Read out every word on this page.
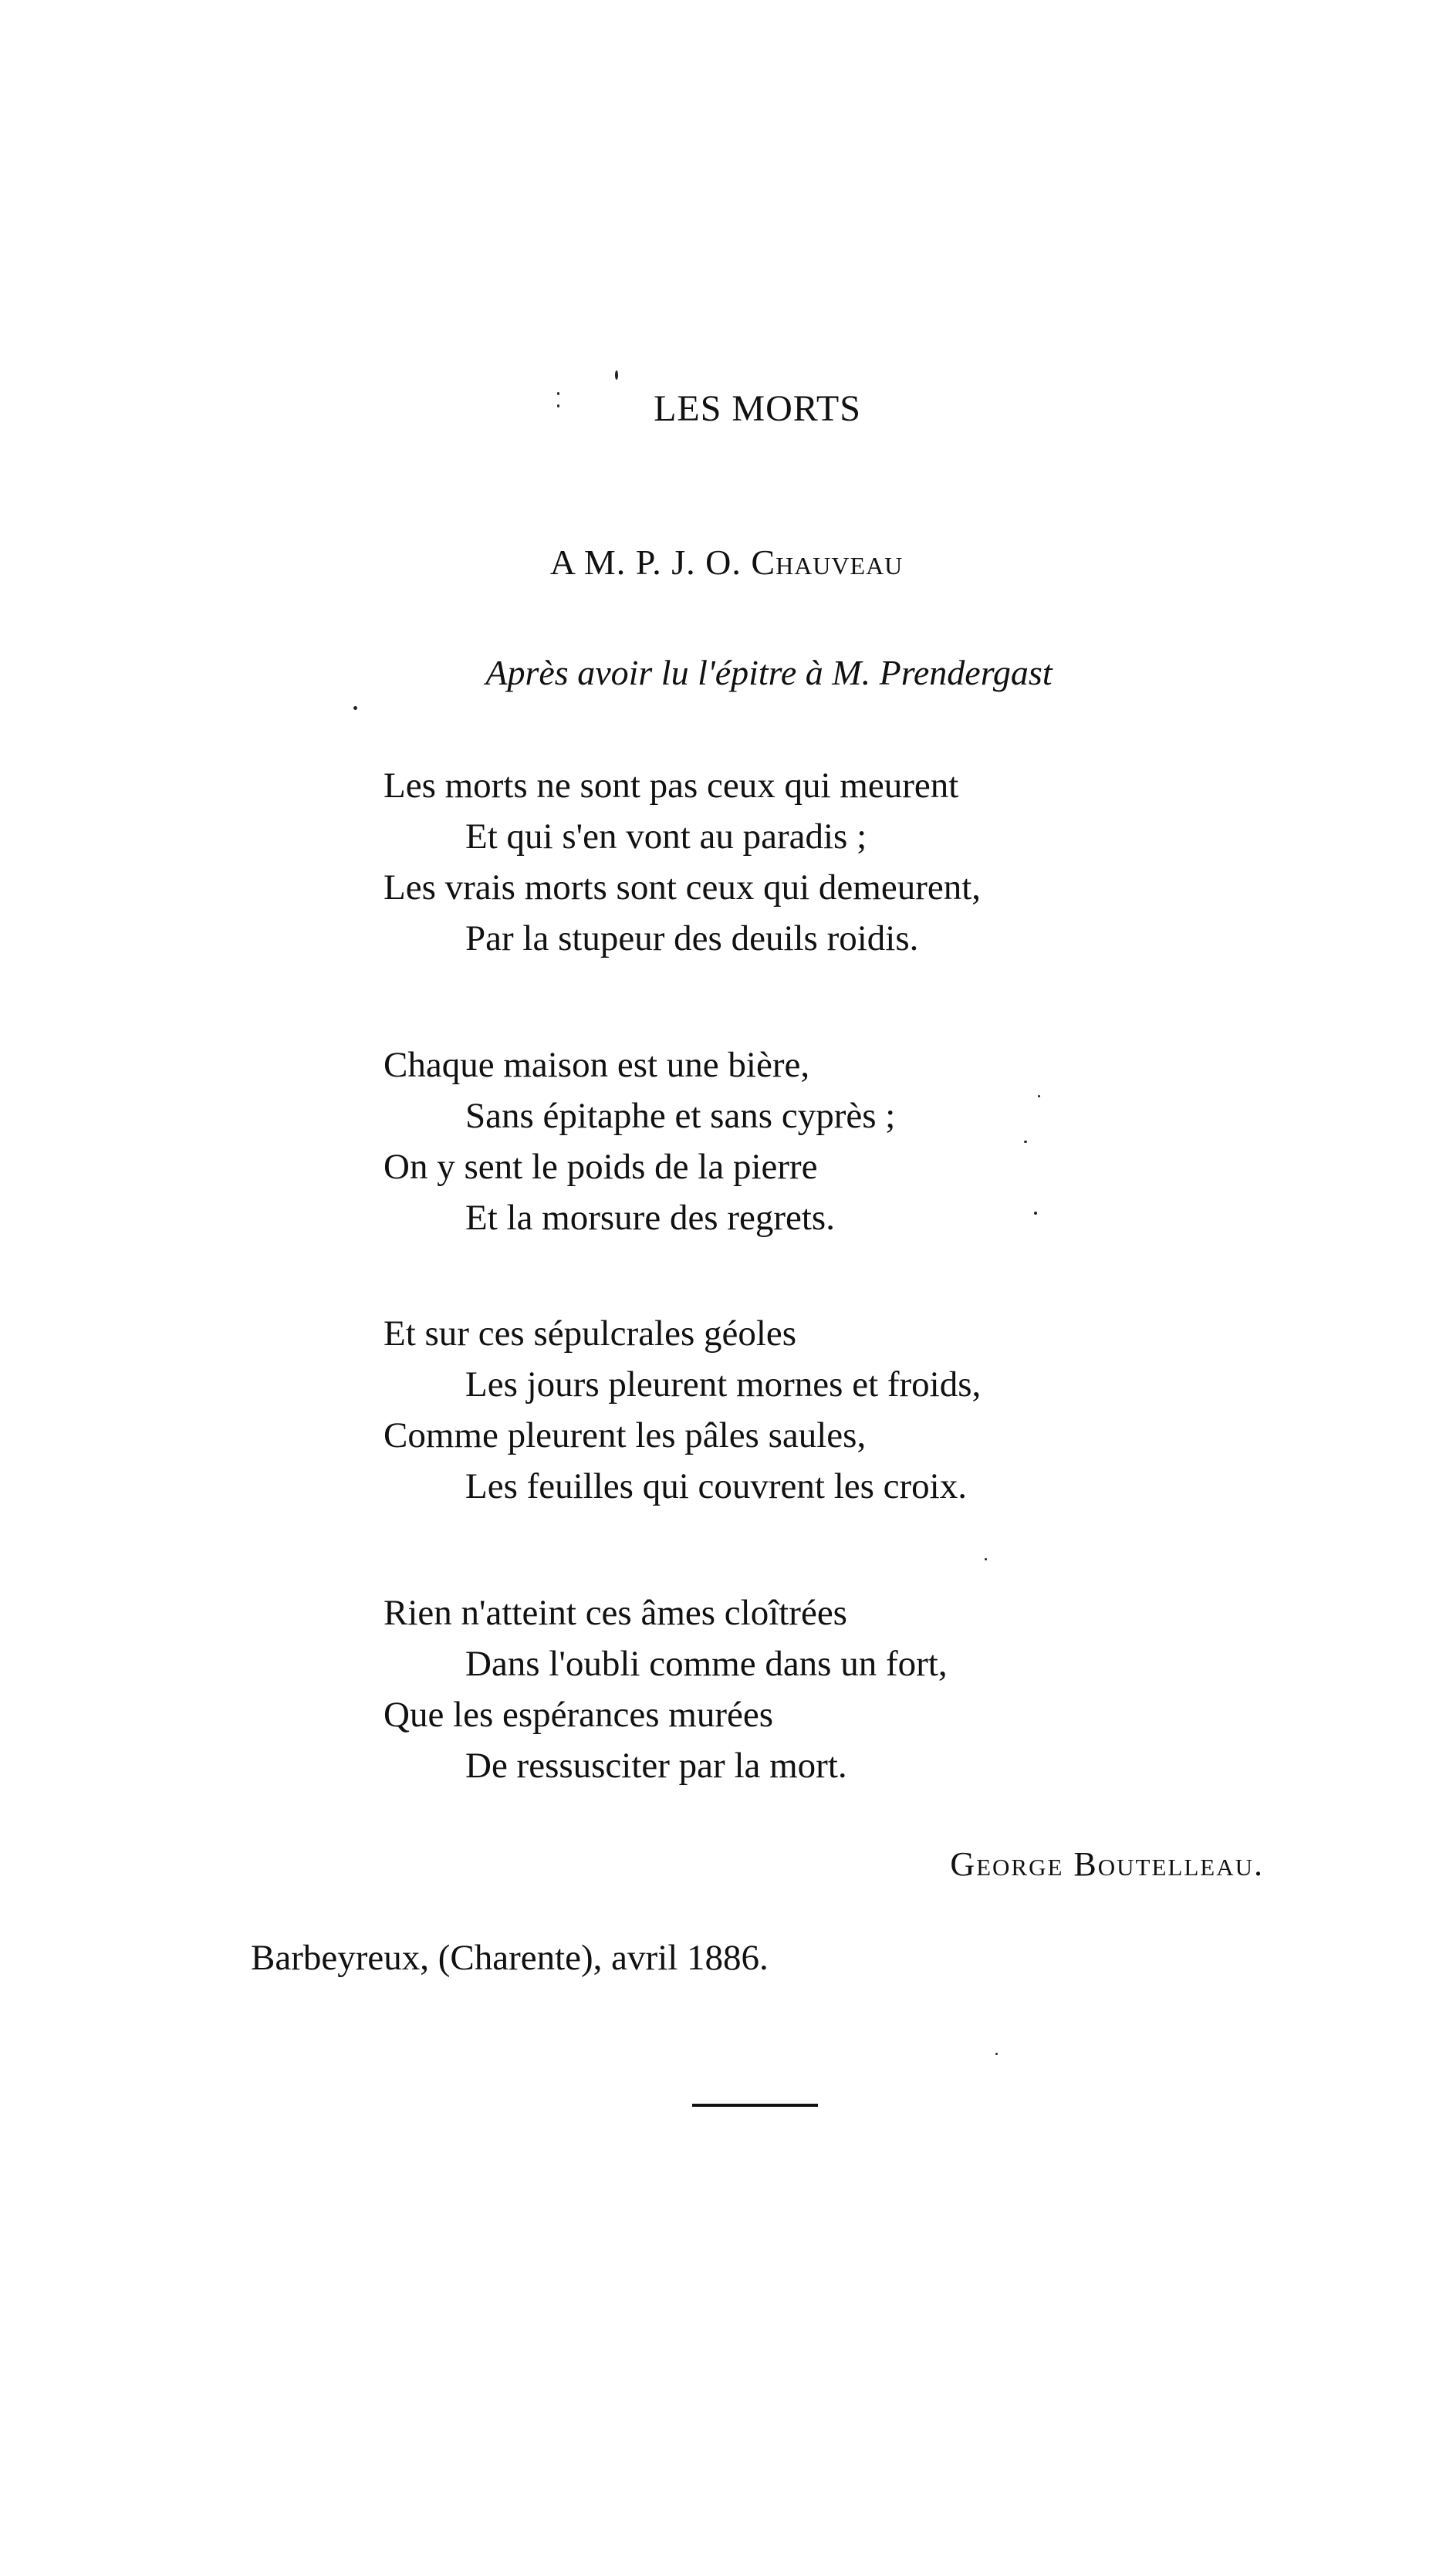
LES MORTS
A M. P. J. O. Chauveau
Après avoir lu l'épitre à M. Prendergast
Les morts ne sont pas ceux qui meurent
Et qui s'en vont au paradis ;
Les vrais morts sont ceux qui demeurent,
Par la stupeur des deuils roidis.
Chaque maison est une bière,
Sans épitaphe et sans cyprès ;
On y sent le poids de la pierre
Et la morsure des regrets.
Et sur ces sépulcrales géoles
Les jours pleurent mornes et froids,
Comme pleurent les pâles saules,
Les feuilles qui couvrent les croix.
Rien n'atteint ces âmes cloîtrées
Dans l'oubli comme dans un fort,
Que les espérances murées
De ressusciter par la mort.
George Boutelleau.
Barbeyreux, (Charente), avril 1886.
